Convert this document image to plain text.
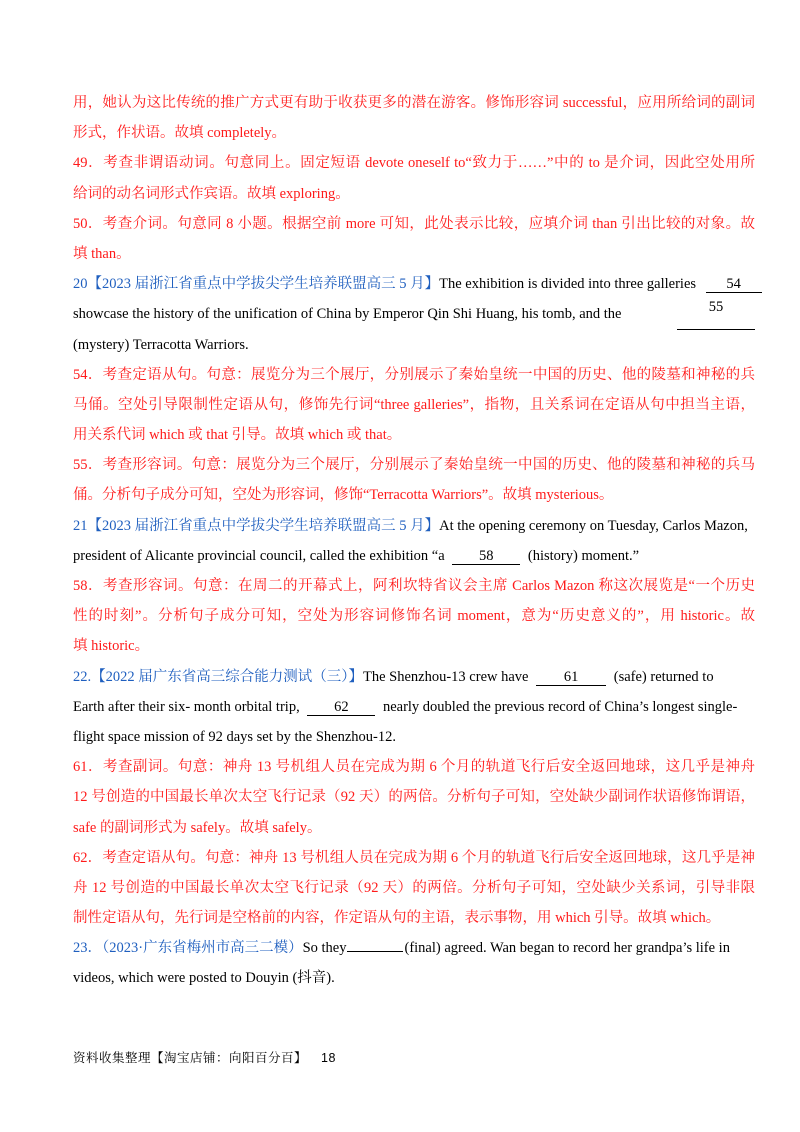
用，她认为这比传统的推广方式更有助于收获更多的潜在游客。修饰形容词 successful，应用所给词的副词
形式，作状语。故填 completely。
49．考查非谓语动词。句意同上。固定短语 devote oneself to“致力于……”中的 to 是介词，因此空处用所
给词的动名词形式作宾语。故填 exploring。
50．考查介词。句意同 8 小题。根据空前 more 可知，此处表示比较，应填介词 than 引出比较的对象。故
填 than。
20【2023 届浙江省重点中学拔尖学生培养联盟高三 5 月】The exhibition is divided into three galleries 54
showcase the history of the unification of China by Emperor Qin Shi Huang, his tomb, and the	55
(mystery) Terracotta Warriors.
54．考查定语从句。句意：展览分为三个展厅，分别展示了秦始皇统一中国的历史、他的陵墓和神秘的兵
马俑。空处引导限制性定语从句，修饰先行词“three galleries”，指物，且关系词在定语从句中担当主语，
用关系代词 which 或 that 引导。故填 which 或 that。
55．考查形容词。句意：展览分为三个展厅，分别展示了秦始皇统一中国的历史、他的陵墓和神秘的兵马
俑。分析句子成分可知，空处为形容词，修饰“Terracotta Warriors”。故填 mysterious。
21【2023 届浙江省重点中学拔尖学生培养联盟高三 5 月】At the opening ceremony on Tuesday, Carlos Mazon,
president of Alicante provincial council, called the exhibition “a 58 (history) moment.”
58．考查形容词。句意：在周二的开幕式上，阿利坎特省议会主席 Carlos Mazon 称这次展览是“一个历史
性的时刻”。分析句子成分可知，空处为形容词修饰名词 moment，意为“历史意义的”，用 historic。故
填 historic。
22.【2022 届广东省高三综合能力测试（三）】The Shenzhou-13 crew have 61 (safe) returned to
Earth after their six- month orbital trip, 62 nearly doubled the previous record of China’s longest single-
flight space mission of 92 days set by the Shenzhou-12.
61．考查副词。句意：神舟 13 号机组人员在完成为期 6 个月的轨道飞行后安全返回地球，这几乎是神舟
12 号创造的中国最长单次太空飞行记录（92 天）的两倍。分析句子可知，空处缺少副词作状语修饰谓语，
safe 的副词形式为 safely。故填 safely。
62．考查定语从句。句意：神舟 13 号机组人员在完成为期 6 个月的轨道飞行后安全返回地球，这几乎是神
舟 12 号创造的中国最长单次太空飞行记录（92 天）的两倍。分析句子可知，空处缺少关系词，引导非限
制性定语从句，先行词是空格前的内容，作定语从句的主语，表示事物，用 which 引导。故填 which。
23．（2023·广东省梅州市高三二模）So they	(final) agreed. Wan began to record her grandpa’s life in
videos, which were posted to Douyin (抖音).
资料收集整理【淘宝店铺：向阳百分百】 18
